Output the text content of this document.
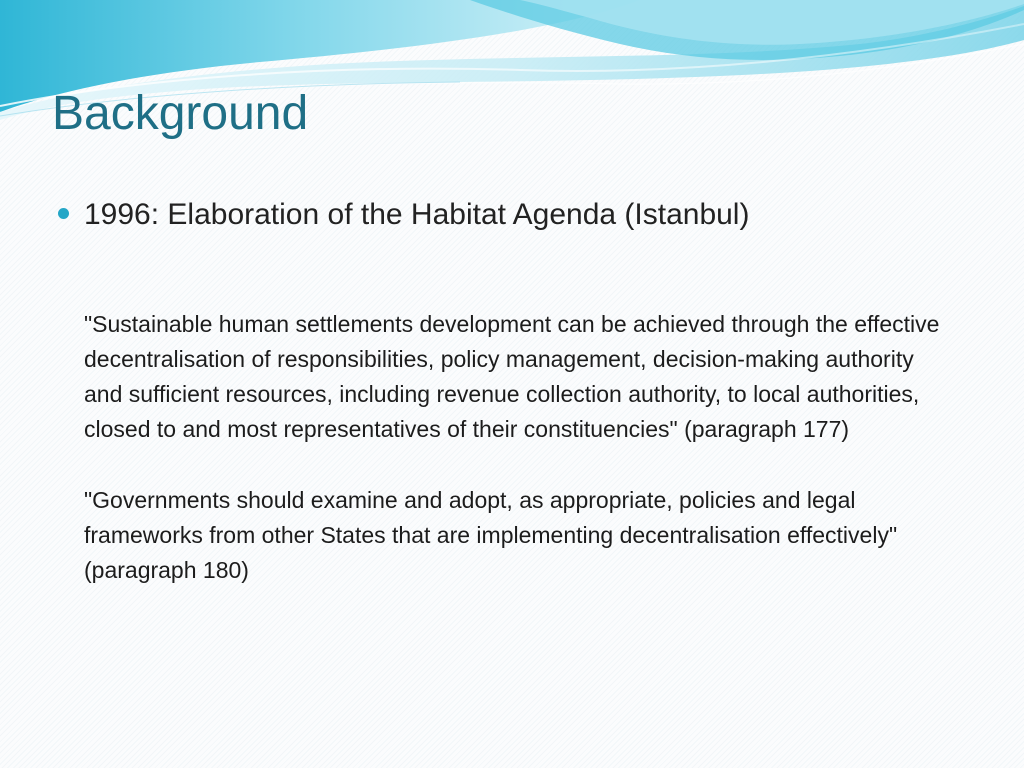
Background
1996: Elaboration of the Habitat Agenda (Istanbul)

"Sustainable human settlements development can be achieved through the effective decentralisation of responsibilities, policy management, decision-making authority and sufficient resources, including revenue collection authority, to local authorities, closed to and most representatives of their constituencies" (paragraph 177)

"Governments should examine and adopt, as appropriate, policies and legal frameworks from other States that are implementing decentralisation effectively" (paragraph 180)
